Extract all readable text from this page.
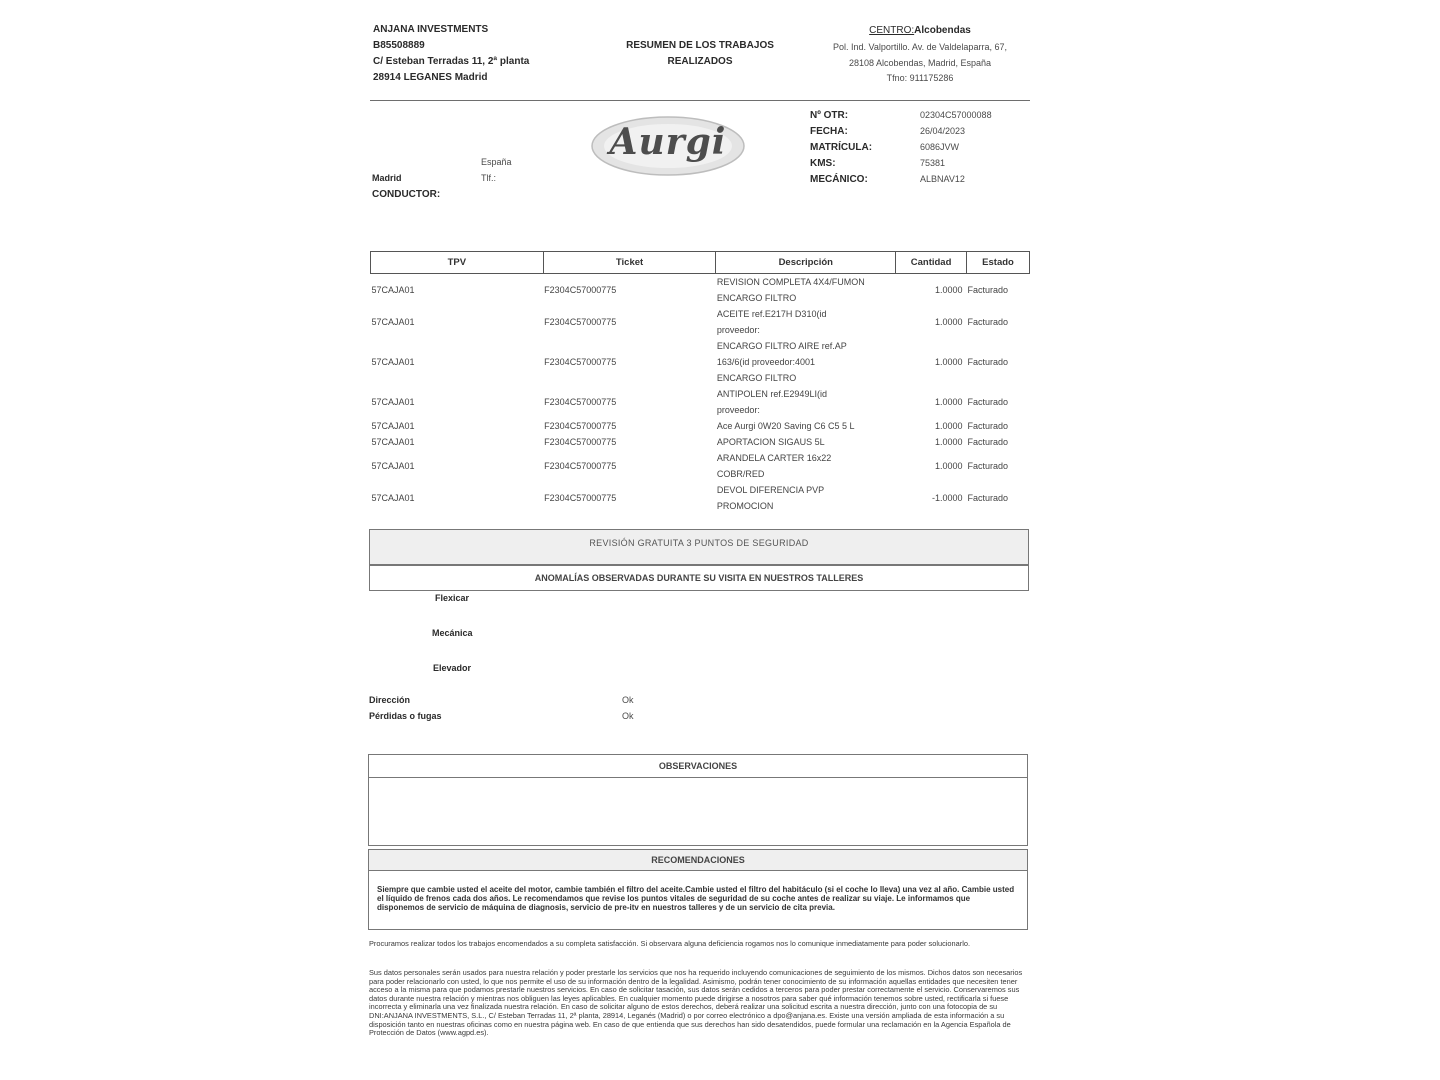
ANJANA INVESTMENTS
B85508889
C/ Esteban Terradas 11, 2ª planta
28914 LEGANES Madrid
RESUMEN DE LOS TRABAJOS
REALIZADOS
CENTRO:Alcobendas
Pol. Ind. Valportillo. Av. de Valdelaparra, 67,
28108 Alcobendas, Madrid, España
Tfno: 911175286
Aurgi
Nº OTR:	02304C57000088
FECHA:	26/04/2023
MATRÍCULA:	6086JVW
KMS:	75381
MECÁNICO:	ALBNAV12
España
Madrid	Tlf.:
CONDUCTOR:
TPV	Ticket	Descripción	Cantidad	Estado
57CAJA01	F2304C57000775	REVISION COMPLETA 4X4/FUMON
ENCARGO FILTRO	1.0000	Facturado
57CAJA01	F2304C57000775	ACEITE ref.E217H D310(id
proveedor:	1.0000	Facturado
57CAJA01	F2304C57000775	ENCARGO FILTRO AIRE ref.AP
163/6(id proveedor:4001
ENCARGO FILTRO	1.0000	Facturado
57CAJA01	F2304C57000775	ANTIPOLEN ref.E2949LI(id
proveedor:	1.0000	Facturado
57CAJA01	F2304C57000775	Ace Aurgi 0W20 Saving C6 C5 5 L	1.0000	Facturado
57CAJA01	F2304C57000775	APORTACION SIGAUS 5L	1.0000	Facturado
57CAJA01	F2304C57000775	ARANDELA CARTER 16x22
COBR/RED	1.0000	Facturado
57CAJA01	F2304C57000775	DEVOL DIFERENCIA PVP
PROMOCION	-1.0000	Facturado
REVISIÓN GRATUITA 3 PUNTOS DE SEGURIDAD
ANOMALÍAS OBSERVADAS DURANTE SU VISITA EN NUESTROS TALLERES
Flexicar
Mecánica
Elevador
Dirección	Ok
Pérdidas o fugas	Ok
OBSERVACIONES
RECOMENDACIONES
Siempre que cambie usted el aceite del motor, cambie también el filtro del aceite.Cambie usted el filtro del habitáculo (si el coche lo lleva) una vez al año. Cambie usted el líquido de frenos cada dos años. Le recomendamos que revise los puntos vitales de seguridad de su coche antes de realizar su viaje. Le informamos que disponemos de servicio de máquina de diagnosis, servicio de pre-itv en nuestros talleres y de un servicio de cita previa.
Procuramos realizar todos los trabajos encomendados a su completa satisfacción. Si observara alguna deficiencia rogamos nos lo comunique inmediatamente para poder solucionarlo.
Sus datos personales serán usados para nuestra relación y poder prestarle los servicios que nos ha requerido incluyendo comunicaciones de seguimiento de los mismos. Dichos datos son necesarios para poder relacionarlo con usted, lo que nos permite el uso de su información dentro de la legalidad. Asimismo, podrán tener conocimiento de su información aquellas entidades que necesiten tener acceso a la misma para que podamos prestarle nuestros servicios. En caso de solicitar tasación, sus datos serán cedidos a terceros para poder prestar correctamente el servicio. Conservaremos sus datos durante nuestra relación y mientras nos obliguen las leyes aplicables. En cualquier momento puede dirigirse a nosotros para saber qué información tenemos sobre usted, rectificarla si fuese incorrecta y eliminarla una vez finalizada nuestra relación. En caso de solicitar alguno de estos derechos, deberá realizar una solicitud escrita a nuestra dirección, junto con una fotocopia de su DNI:ANJANA INVESTMENTS, S.L., C/ Esteban Terradas 11, 2ª planta, 28914, Leganés (Madrid) o por correo electrónico a dpo@anjana.es. Existe una versión ampliada de esta información a su disposición tanto en nuestras oficinas como en nuestra página web. En caso de que entienda que sus derechos han sido desatendidos, puede formular una reclamación en la Agencia Española de Protección de Datos (www.agpd.es).
